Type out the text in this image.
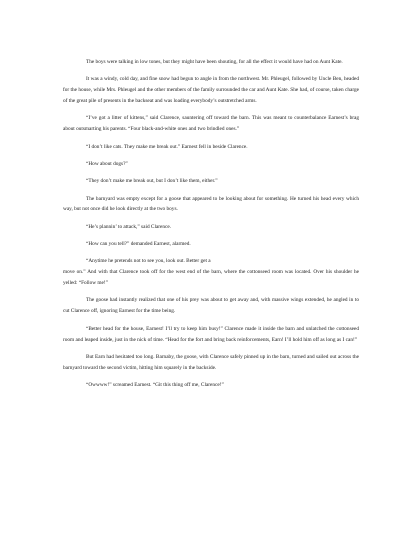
The boys were talking in low tones, but they might have been shouting, for all the effect it would have had on Aunt Kate.

It was a windy, cold day, and fine snow had begun to angle in from the northwest. Mr. Phleugel, followed by Uncle Ben, headed for the house, while Mrs. Phleugel and the other members of the family surrounded the car and Aunt Kate. She had, of course, taken charge of the great pile of presents in the backseat and was loading everybody’s outstretched arms.

“I’ve got a litter of kittens,” said Clarence, sauntering off toward the barn. This was meant to counterbalance Earnest’s brag about outsmarting his parents. “Four black-and-white ones and two brindled ones.”

“I don’t like cats. They make me break out.” Earnest fell in beside Clarence.

“How about dogs?”

“They don’t make me break out, but I don’t like them, either.”

The barnyard was empty except for a goose that appeared to be looking about for something. He turned his head every which way, but not once did he look directly at the two boys.

“He’s plannin’ to attack,” said Clarence.

“How can you tell?” demanded Earnest, alarmed.

“Anytime he pretends not to see you, look out. Better get a

move on.” And with that Clarence took off for the west end of the barn, where the cottonseed room was located. Over his shoulder he yelled: “Follow me!”

The goose had instantly realized that one of his prey was about to get away and, with massive wings extended, he angled in to cut Clarence off, ignoring Earnest for the time being.

“Better head for the house, Earnest! I’ll try to keep him busy!” Clarence made it inside the barn and unlatched the cottonseed room and leaped inside, just in the nick of time. “Head for the fort and bring back reinforcements, Earn! I’ll hold him off as long as I can!”

But Earn had hesitated too long. Barnaby, the goose, with Clarence safely pinned up in the barn, turned and sailed out across the barnyard toward the second victim, hitting him squarely in the backside.

“Owwww!” screamed Earnest. “Git this thing off me, Clarence!”
